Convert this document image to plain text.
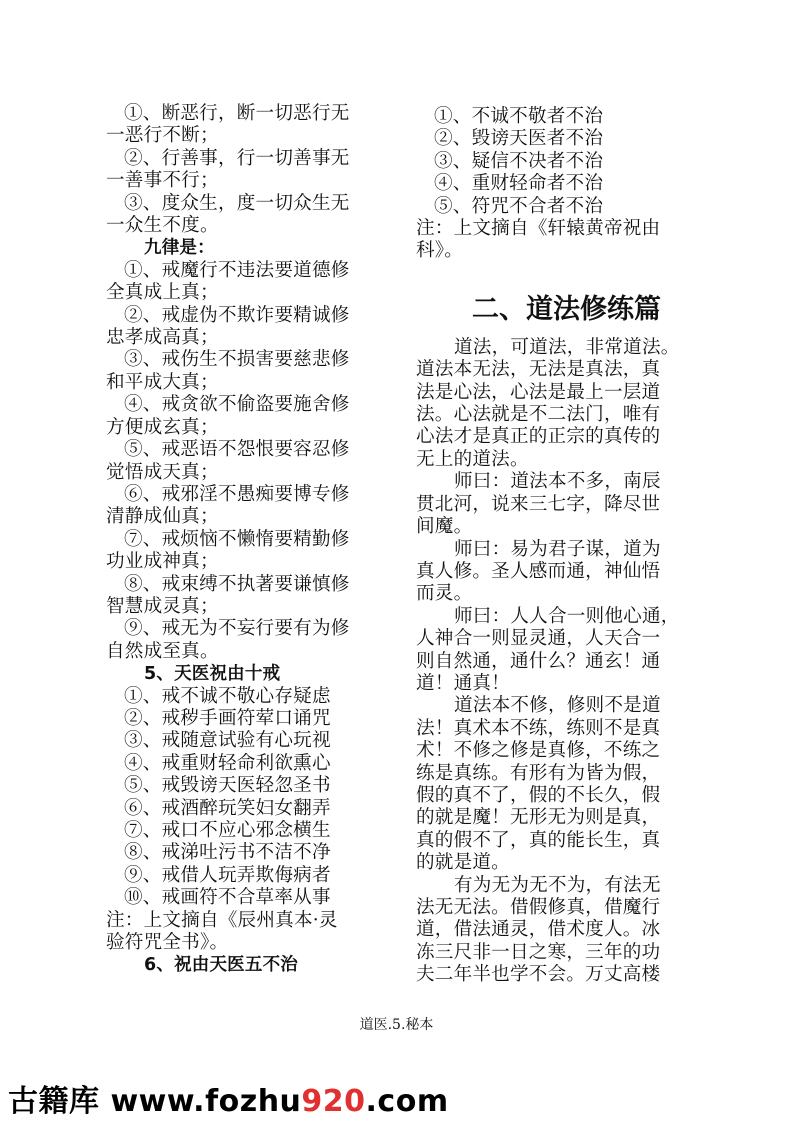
①、断恶行，断一切恶行无
一恶行不断；
②、行善事，行一切善事无
一善事不行；
③、度众生，度一切众生无
一众生不度。
九律是：
①、戒魔行不违法要道德修
全真成上真；
②、戒虚伪不欺诈要精诚修
忠孝成高真；
③、戒伤生不损害要慈悲修
和平成大真；
④、戒贪欲不偷盗要施舍修
方便成玄真；
⑤、戒恶语不怨恨要容忍修
觉悟成天真；
⑥、戒邪淫不愚痴要博专修
清静成仙真；
⑦、戒烦恼不懒惰要精勤修
功业成神真；
⑧、戒束缚不执著要谦慎修
智慧成灵真；
⑨、戒无为不妄行要有为修
自然成至真。
5、天医祝由十戒
①、戒不诚不敬心存疑虑
②、戒秽手画符荤口诵咒
③、戒随意试验有心玩视
④、戒重财轻命利欲熏心
⑤、戒毁谤天医轻忽圣书
⑥、戒酒醉玩笑妇女翻弄
⑦、戒口不应心邪念横生
⑧、戒涕吐污书不洁不净
⑨、戒借人玩弄欺侮病者
⑩、戒画符不合草率从事
注：上文摘自《辰州真本·灵
验符咒全书》。
6、祝由天医五不治
①、不诚不敬者不治
②、毁谤天医者不治
③、疑信不决者不治
④、重财轻命者不治
⑤、符咒不合者不治
注：上文摘自《轩辕黄帝祝由
科》。
二、道法修练篇
道法，可道法，非常道法。
道法本无法，无法是真法，真
法是心法，心法是最上一层道
法。心法就是不二法门，唯有
心法才是真正的正宗的真传的
无上的道法。
师曰：道法本不多，南辰
贯北河，说来三七字，降尽世
间魔。
师曰：易为君子谋，道为
真人修。圣人感而通，神仙悟
而灵。
师曰：人人合一则他心通，
人神合一则显灵通，人天合一
则自然通，通什么？通玄！通
道！通真！
道法本不修，修则不是道
法！真术本不练，练则不是真
术！不修之修是真修，不练之
练是真练。有形有为皆为假，
假的真不了，假的不长久，假
的就是魔！无形无为则是真，
真的假不了，真的能长生，真
的就是道。
有为无为无不为，有法无
法无无法。借假修真，借魔行
道，借法通灵，借术度人。冰
冻三尺非一日之寒，三年的功
夫二年半也学不会。万丈高楼
道医.5.秘本
古籍库 www.fozhu920.com
